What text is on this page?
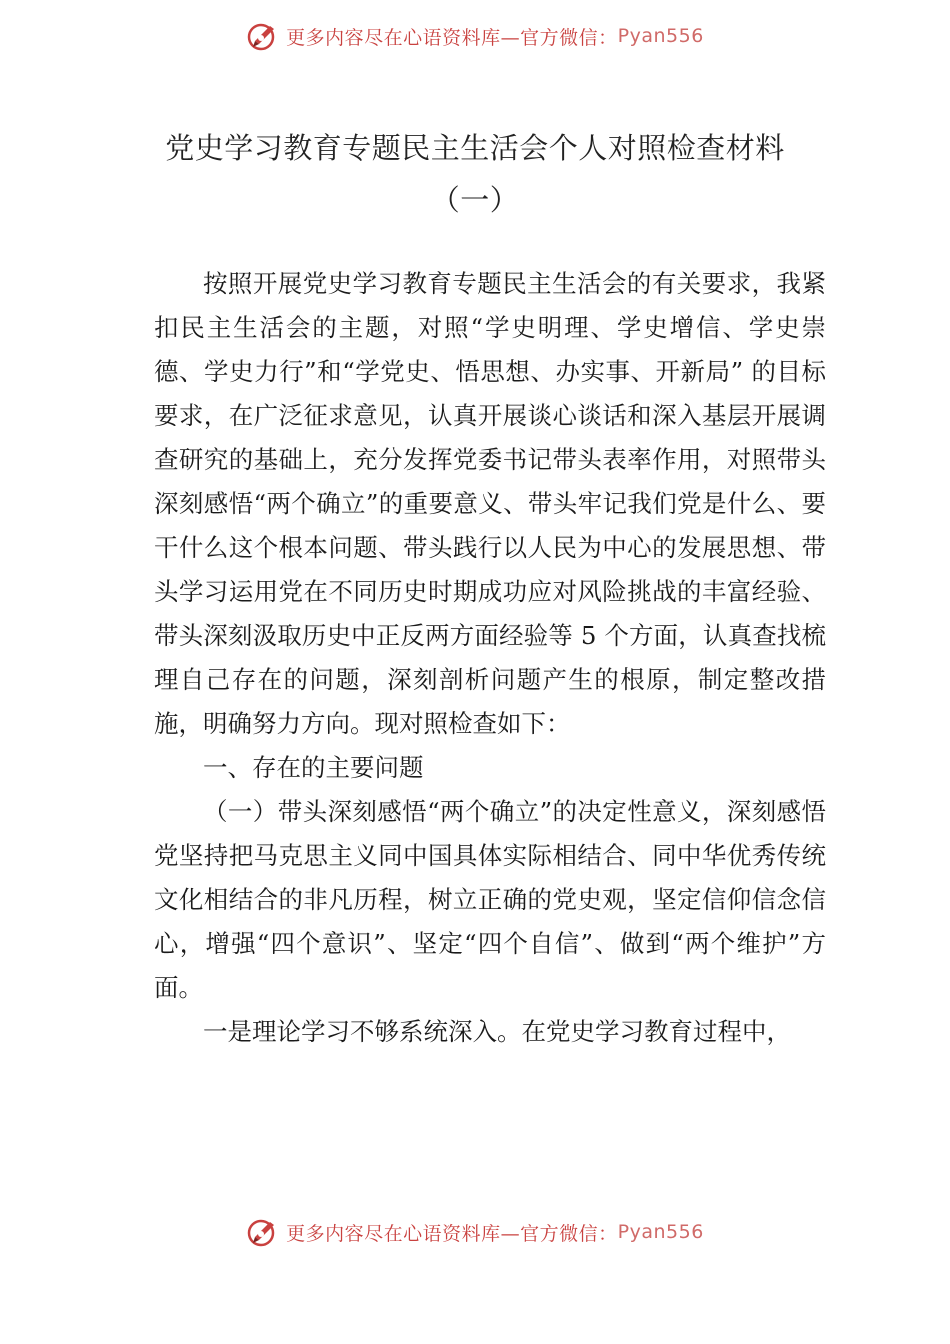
更多内容尽在心语资料库—官方微信： Pyan556
党史学习教育专题民主生活会个人对照检查材料
（一）

按照开展党史学习教育专题民主生活会的有关要求，我紧扣民主生活会的主题，对照“学史明理、学史增信、学史崇德、学史力行”和“学党史、悟思想、办实事、开新局” 的目标要求，在广泛征求意见，认真开展谈心谈话和深入基层开展调查研究的基础上，充分发挥党委书记带头表率作用，对照带头深刻感悟“两个确立”的重要意义、带头牢记我们党是什么、要干什么这个根本问题、带头践行以人民为中心的发展思想、带头学习运用党在不同历史时期成功应对风险挑战的丰富经验、带头深刻汲取历史中正反两方面经验等 5 个方面，认真查找梳理自己存在的问题，深刻剖析问题产生的根原，制定整改措施，明确努力方向。现对照检查如下：

一、存在的主要问题

（一）带头深刻感悟“两个确立”的决定性意义，深刻感悟党坚持把马克思主义同中国具体实际相结合、同中华优秀传统文化相结合的非凡历程，树立正确的党史观，坚定信仰信念信心，增强“四个意识”、坚定“四个自信”、做到“两个维护”方面。

一是理论学习不够系统深入。在党史学习教育过程中，

更多内容尽在心语资料库—官方微信： Pyan556
